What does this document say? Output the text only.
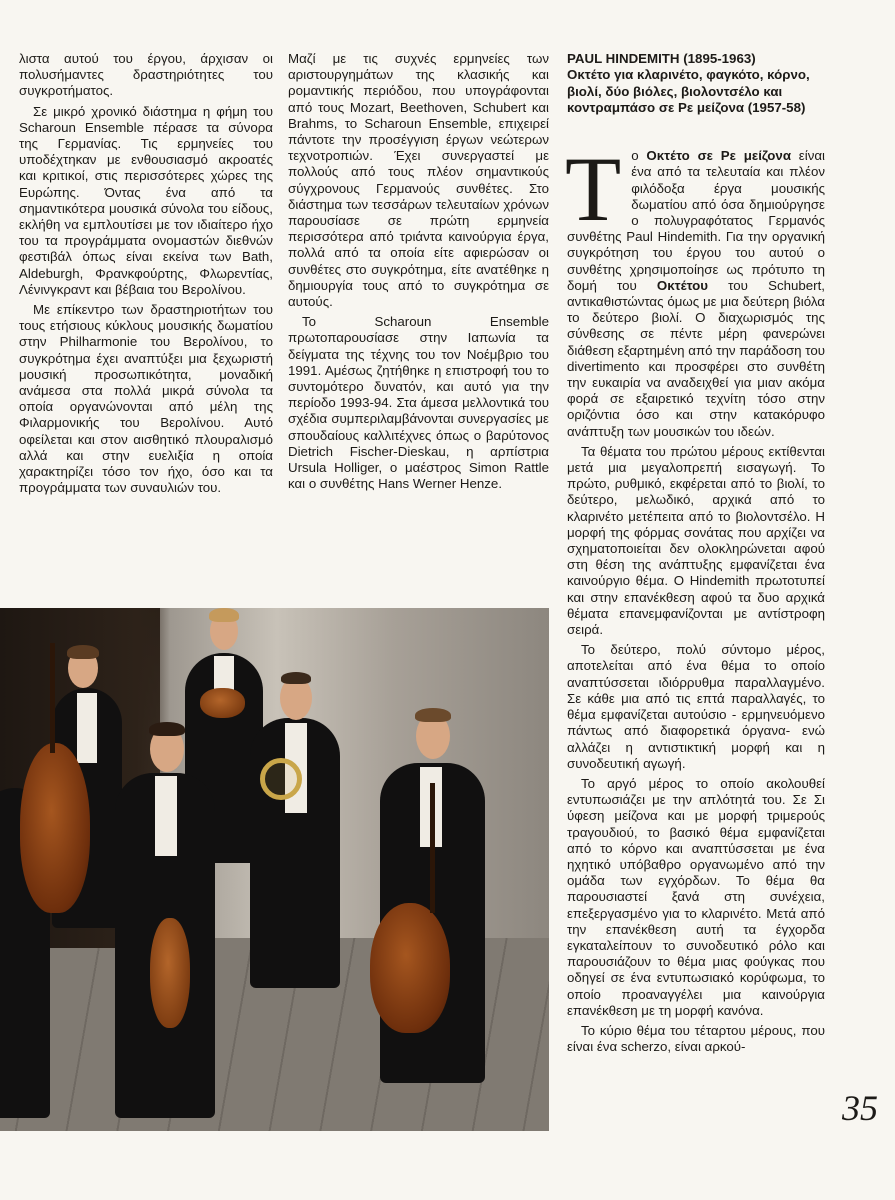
λιστα αυτού του έργου, άρχισαν οι πολυσήμαντες δραστηριότητες του συγκροτήματος.

Σε μικρό χρονικό διάστημα η φήμη του Scharoun Ensemble πέρασε τα σύνορα της Γερμανίας. Τις ερμηνείες του υποδέχτηκαν με ενθουσιασμό ακροατές και κριτικοί, στις περισσότερες χώρες της Ευρώπης. Όντας ένα από τα σημαντικότερα μουσικά σύνολα του είδους, εκλήθη να εμπλουτίσει με τον ιδιαίτερο ήχο του τα προγράμματα ονομαστών διεθνών φεστιβάλ όπως είναι εκείνα των Bath, Aldeburgh, Φρανκφούρτης, Φλωρεντίας, Λένινγκραντ και βέβαια του Βερολίνου.

Με επίκεντρο των δραστηριοτήτων του τους ετήσιους κύκλους μουσικής δωματίου στην Philharmonie του Βερολίνου, το συγκρότημα έχει αναπτύξει μια ξεχωριστή μουσική προσωπικότητα, μοναδική ανάμεσα στα πολλά μικρά σύνολα τα οποία οργανώνονται από μέλη της Φιλαρμονικής του Βερολίνου. Αυτό οφείλεται και στον αισθητικό πλουραλισμό αλλά και στην ευελιξία η οποία χαρακτηρίζει τόσο τον ήχο, όσο και τα προγράμματα των συναυλιών του.

Μαζί με τις συχνές ερμηνείες των αριστουργημάτων της κλασικής και ρομαντικής περιόδου, που υπογράφονται από τους Mozart, Beethoven, Schubert και Brahms, το Scharoun Ensemble, επιχειρεί πάντοτε την προσέγγιση έργων νεώτερων τεχνοτροπιών. Έχει συνεργαστεί με πολλούς από τους πλέον σημαντικούς σύγχρονους Γερμανούς συνθέτες. Στο διάστημα των τεσσάρων τελευταίων χρόνων παρουσίασε σε πρώτη ερμηνεία περισσότερα από τριάντα καινούργια έργα, πολλά από τα οποία είτε αφιερώσαν οι συνθέτες στο συγκρότημα, είτε ανατέθηκε η δημιουργία τους από το συγκρότημα σε αυτούς.

Το Scharoun Ensemble πρωτοπαρουσίασε στην Ιαπωνία τα δείγματα της τέχνης του τον Νοέμβριο του 1991. Αμέσως ζητήθηκε η επιστροφή του το συντομότερο δυνατόν, και αυτό για την περίοδο 1993-94. Στα άμεσα μελλοντικά του σχέδια συμπεριλαμβάνονται συνεργασίες με σπουδαίους καλλιτέχνες όπως ο βαρύτονος Dietrich Fischer-Dieskau, η αρπίστρια Ursula Holliger, ο μαέστρος Simon Rattle και ο συνθέτης Hans Werner Henze.

PAUL HINDEMITH (1895-1963)
Οκτέτο για κλαρινέτο, φαγκότο, κόρνο, βιολί, δύο βιόλες, βιολοντσέλο και κοντραμπάσο σε Ρε μείζονα (1957-58)

Το Οκτέτο σε Ρε μείζονα είναι ένα από τα τελευταία και πλέον φιλόδοξα έργα μουσικής δωματίου από όσα δημιούργησε ο πολυγραφότατος Γερμανός συνθέτης Paul Hindemith. Για την οργανική συγκρότηση του έργου του αυτού ο συνθέτης χρησιμοποίησε ως πρότυπο τη δομή του Οκτέτου του Schubert, αντικαθιστώντας όμως με μια δεύτερη βιόλα το δεύτερο βιολί. Ο διαχωρισμός της σύνθεσης σε πέντε μέρη φανερώνει διάθεση εξαρτημένη από την παράδοση του divertimento και προσφέρει στο συνθέτη την ευκαιρία να αναδειχθεί για μιαν ακόμα φορά σε εξαιρετικό τεχνίτη τόσο στην οριζόντια όσο και στην κατακόρυφο ανάπτυξη των μουσικών του ιδεών.

Τα θέματα του πρώτου μέρους εκτίθενται μετά μια μεγαλοπρεπή εισαγωγή. Το πρώτο, ρυθμικό, εκφέρεται από το βιολί, το δεύτερο, μελωδικό, αρχικά από το κλαρινέτο μετέπειτα από το βιολοντσέλο. Η μορφή της φόρμας σονάτας που αρχίζει να σχηματοποιείται δεν ολοκληρώνεται αφού στη θέση της ανάπτυξης εμφανίζεται ένα καινούργιο θέμα. Ο Hindemith πρωτοτυπεί και στην επανέκθεση αφού τα δυο αρχικά θέματα επανεμφανίζονται με αντίστροφη σειρά.

Το δεύτερο, πολύ σύντομο μέρος, αποτελείται από ένα θέμα το οποίο αναπτύσσεται ιδιόρρυθμα παραλλαγμένο. Σε κάθε μια από τις επτά παραλλαγές, το θέμα εμφανίζεται αυτούσιο - ερμηνευόμενο πάντως από διαφορετικά όργανα- ενώ αλλάζει η αντιστικτική μορφή και η συνοδευτική αγωγή.

Το αργό μέρος το οποίο ακολουθεί εντυπωσιάζει με την απλότητά του. Σε Σι ύφεση μείζονα και με μορφή τριμερούς τραγουδιού, το βασικό θέμα εμφανίζεται από το κόρνο και αναπτύσσεται με ένα ηχητικό υπόβαθρο οργανωμένο από την ομάδα των εγχόρδων. Το θέμα θα παρουσιαστεί ξανά στη συνέχεια, επεξεργασμένο για το κλαρινέτο. Μετά από την επανέκθεση αυτή τα έγχορδα εγκαταλείπουν το συνοδευτικό ρόλο και παρουσιάζουν το θέμα μιας φούγκας που οδηγεί σε ένα εντυπωσιακό κορύφωμα, το οποίο προαναγγέλει μια καινούργια επανέκθεση με τη μορφή κανόνα.

Το κύριο θέμα του τέταρτου μέρους, που είναι ένα scherzo, είναι αρκού-

35
